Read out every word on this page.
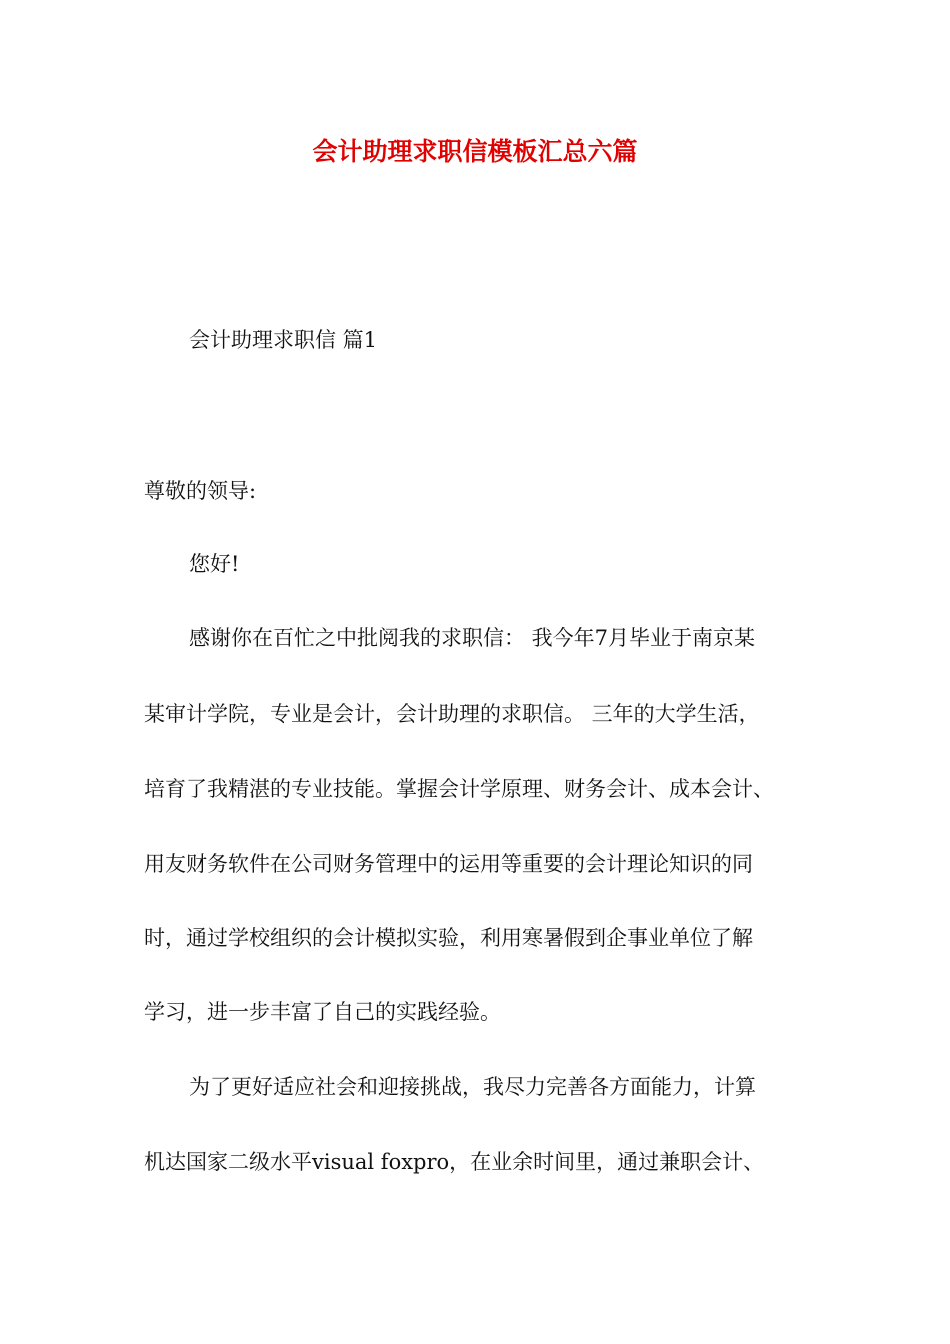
会计助理求职信模板汇总六篇
会计助理求职信 篇1
尊敬的领导:
您好!
感谢你在百忙之中批阅我的求职信： 我今年7月毕业于南京某
某审计学院，专业是会计，会计助理的求职信。 三年的大学生活，
培育了我精湛的专业技能。掌握会计学原理、财务会计、成本会计、
用友财务软件在公司财务管理中的运用等重要的会计理论知识的同
时，通过学校组织的会计模拟实验，利用寒暑假到企事业单位了解
学习，进一步丰富了自己的实践经验。
为了更好适应社会和迎接挑战，我尽力完善各方面能力，计算
机达国家二级水平visual foxpro，在业余时间里，通过兼职会计、
